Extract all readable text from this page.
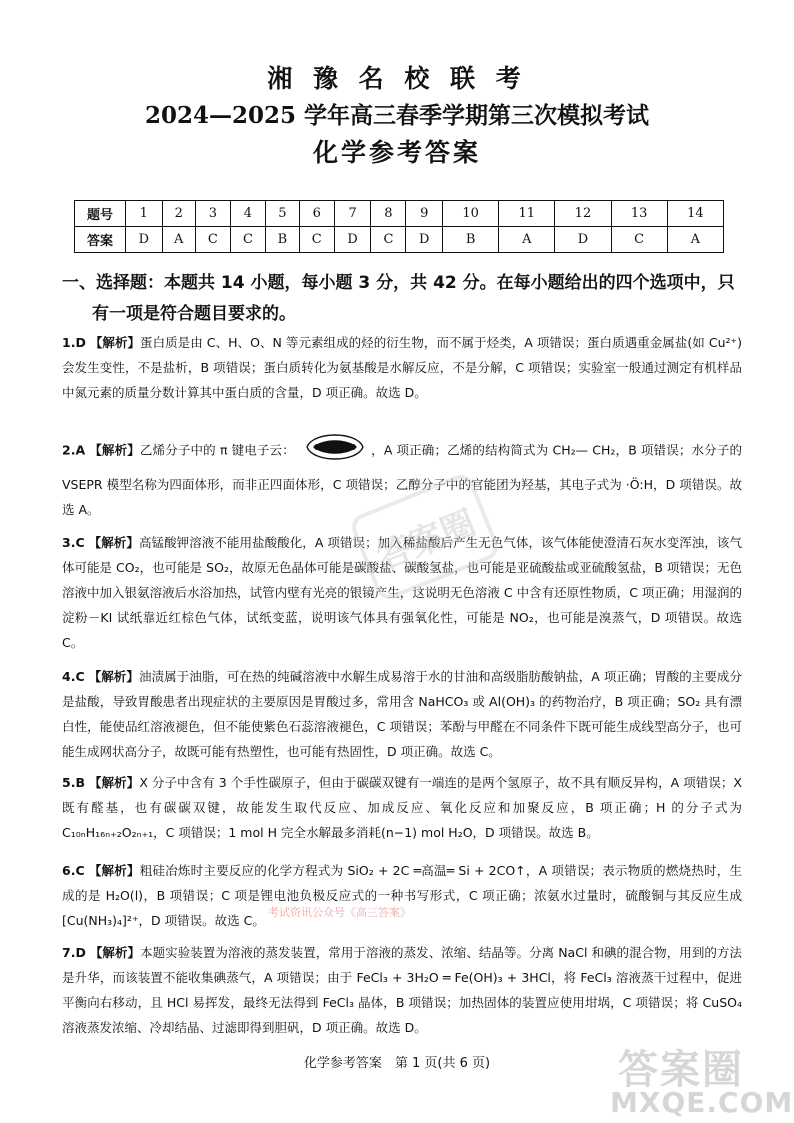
湘 豫 名 校 联 考
2024—2025 学年高三春季学期第三次模拟考试
化学参考答案
题号	1	2	3	4	5	6	7	8	9	10	11	12	13	14
答案	D	A	C	C	B	C	D	C	D	B	A	D	C	A
一、选择题：本题共 14 小题，每小题 3 分，共 42 分。在每小题给出的四个选项中，只
有一项是符合题目要求的。
1.D 【解析】蛋白质是由 C、H、O、N 等元素组成的烃的衍生物，而不属于烃类，A 项错误；蛋白质遇重金属盐(如 Cu²⁺)会发生变性，不是盐析，B 项错误；蛋白质转化为氨基酸是水解反应，不是分解，C 项错误；实验室一般通过测定有机样品中氮元素的质量分数计算其中蛋白质的含量，D 项正确。故选 D。
2.A 【解析】乙烯分子中的 π 键电子云：	，A 项正确；乙烯的结构简式为 CH₂— CH₂，B 项错误；水分子的 VSEPR 模型名称为四面体形，而非正四面体形，C 项错误；乙醇分子中的官能团为羟基，其电子式为 ·Ö:H，D 项错误。故选 A。
3.C 【解析】高锰酸钾溶液不能用盐酸酸化，A 项错误；加入稀盐酸后产生无色气体，该气体能使澄清石灰水变浑浊，该气体可能是 CO₂，也可能是 SO₂，故原无色晶体可能是碳酸盐、碳酸氢盐，也可能是亚硫酸盐或亚硫酸氢盐，B 项错误；无色溶液中加入银氨溶液后水浴加热，试管内壁有光亮的银镜产生，这说明无色溶液 C 中含有还原性物质，C 项正确；用湿润的淀粉－KI 试纸靠近红棕色气体，试纸变蓝，说明该气体具有强氧化性，可能是 NO₂，也可能是溴蒸气，D 项错误。故选 C。
4.C 【解析】油渍属于油脂，可在热的纯碱溶液中水解生成易溶于水的甘油和高级脂肪酸钠盐，A 项正确；胃酸的主要成分是盐酸，导致胃酸患者出现症状的主要原因是胃酸过多，常用含 NaHCO₃ 或 Al(OH)₃ 的药物治疗，B 项正确；SO₂ 具有漂白性，能使品红溶液褪色，但不能使紫色石蕊溶液褪色，C 项错误；苯酚与甲醛在不同条件下既可能生成线型高分子，也可能生成网状高分子，故既可能有热塑性，也可能有热固性，D 项正确。故选 C。
5.B 【解析】X 分子中含有 3 个手性碳原子，但由于碳碳双键有一端连的是两个氢原子，故不具有顺反异构，A 项错误；X 既有醛基，也有碳碳双键，故能发生取代反应、加成反应、氧化反应和加聚反应，B 项正确；H 的分子式为 C₁₀ₙH₁₆ₙ₊₂O₂ₙ₊₁，C 项错误；1 mol H 完全水解最多消耗(n−1) mol H₂O，D 项错误。故选 B。
6.C 【解析】粗硅冶炼时主要反应的化学方程式为 SiO₂ + 2C ═高温═ Si + 2CO↑，A 项错误；表示物质的燃烧热时，生成的是 H₂O(l)，B 项错误；C 项是锂电池负极反应式的一种书写形式，C 项正确；浓氨水过量时，硫酸铜与其反应生成[Cu(NH₃)₄]²⁺，D 项错误。故选 C。
7.D 【解析】本题实验装置为溶液的蒸发装置，常用于溶液的蒸发、浓缩、结晶等。分离 NaCl 和碘的混合物，用到的方法是升华，而该装置不能收集碘蒸气，A 项错误；由于 FeCl₃ + 3H₂O ═ Fe(OH)₃ + 3HCl，将 FeCl₃ 溶液蒸干过程中，促进平衡向右移动，且 HCl 易挥发，最终无法得到 FeCl₃ 晶体，B 项错误；加热固体的装置应使用坩埚，C 项错误；将 CuSO₄ 溶液蒸发浓缩、冷却结晶、过滤即得到胆矾，D 项正确。故选 D。
化学参考答案　第 1 页(共 6 页)
答案圈
考试资讯公众号《高三答案》
答案圈
MXQE.COM
